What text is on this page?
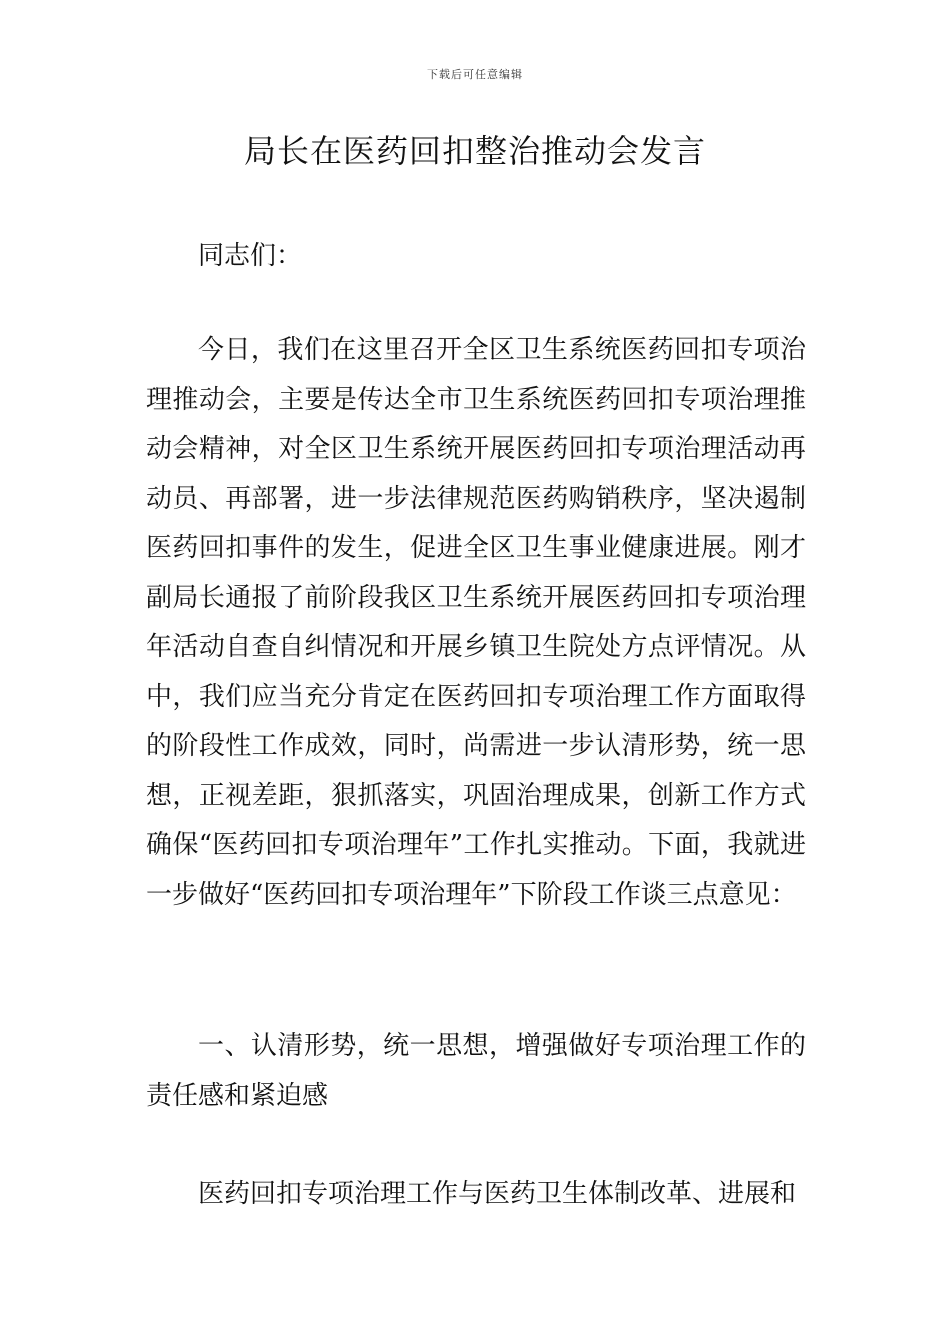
下载后可任意编辑
局长在医药回扣整治推动会发言

同志们：

今日，我们在这里召开全区卫生系统医药回扣专项治理推动会，主要是传达全市卫生系统医药回扣专项治理推动会精神，对全区卫生系统开展医药回扣专项治理活动再动员、再部署，进一步法律规范医药购销秩序，坚决遏制医药回扣事件的发生，促进全区卫生事业健康进展。刚才副局长通报了前阶段我区卫生系统开展医药回扣专项治理年活动自查自纠情况和开展乡镇卫生院处方点评情况。从中，我们应当充分肯定在医药回扣专项治理工作方面取得的阶段性工作成效，同时，尚需进一步认清形势，统一思想，正视差距，狠抓落实，巩固治理成果，创新工作方式确保“医药回扣专项治理年”工作扎实推动。下面，我就进一步做好“医药回扣专项治理年”下阶段工作谈三点意见：

一、认清形势，统一思想，增强做好专项治理工作的责任感和紧迫感

医药回扣专项治理工作与医药卫生体制改革、进展和
